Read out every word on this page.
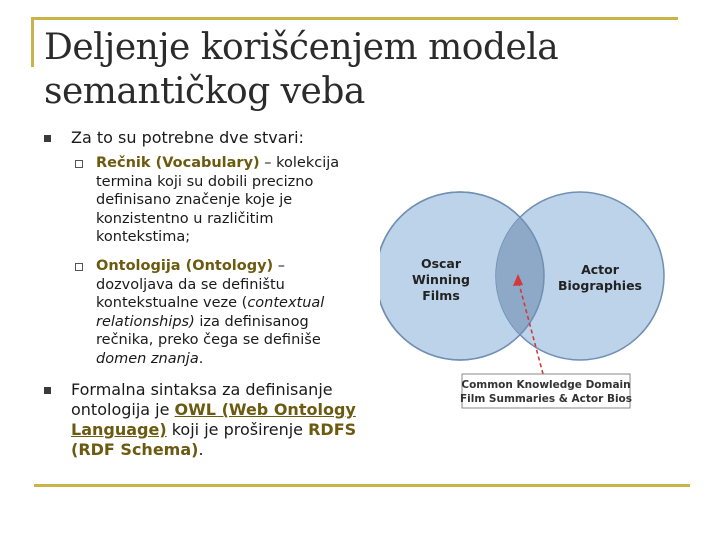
Deljenje korišćenjem modela
semantičkog veba
Za to su potrebne dve stvari:
Rečnik (Vocabulary) – kolekcija termina koji su dobili precizno definisano značenje koje je konzistentno u različitim kontekstima;
Ontologija (Ontology) – dozvoljava da se definištu kontekstualne veze (contextual relationships) iza definisanog rečnika, preko čega se definiše domen znanja.
Formalna sintaksa za definisanje ontologija je OWL (Web Ontology Language) koji je proširenje RDFS (RDF Schema).
Oscar
Winning
Films
Actor
Biographies
Common Knowledge Domain
Film Summaries & Actor Bios
